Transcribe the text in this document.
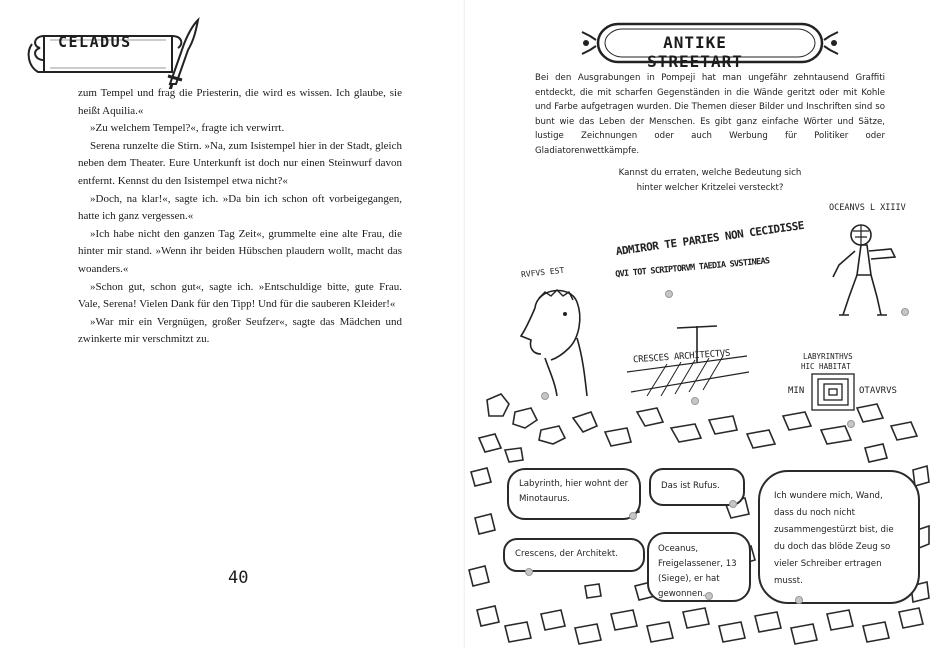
CELADUS

zum Tempel und frag die Priesterin, die wird es wissen. Ich glaube, sie heißt Aquilia.«

»Zu welchem Tempel?«, fragte ich verwirrt.

Serena runzelte die Stirn. »Na, zum Isistempel hier in der Stadt, gleich neben dem Theater. Eure Unterkunft ist doch nur einen Steinwurf davon entfernt. Kennst du den Isistempel etwa nicht?«

»Doch, na klar!«, sagte ich. »Da bin ich schon oft vorbeigegangen, hatte ich ganz vergessen.«

»Ich habe nicht den ganzen Tag Zeit«, grummelte eine alte Frau, die hinter mir stand. »Wenn ihr beiden Hübschen plaudern wollt, macht das woanders.«

»Schon gut, schon gut«, sagte ich. »Entschuldige bitte, gute Frau. Vale, Serena! Vielen Dank für den Tipp! Und für die sauberen Kleider!«

»War mir ein Vergnügen, großer Seufzer«, sagte das Mädchen und zwinkerte mir verschmitzt zu.

40
ANTIKE STREETART
Bei den Ausgrabungen in Pompeji hat man ungefähr zehntausend Graffiti entdeckt, die mit scharfen Gegenständen in die Wände geritzt oder mit Kohle und Farbe aufgetragen wurden. Die Themen dieser Bilder und Inschriften sind so bunt wie das Leben der Menschen. Es gibt ganz einfache Wörter und Sätze, lustige Zeichnungen oder auch Werbung für Politiker oder Gladiatorenwettkämpfe.
Kannst du erraten, welche Bedeutung sich hinter welcher Kritzelei versteckt?
ADMIROR TE PARIES NON CECIDISSE
QVI TOT SCRIPTORVM TAEDIA SVSTINEAS
OCEANVS L XIIIV
RVFVS EST
CRESCES ARCHITECTVS	LABYRINTHVS
HIC HABITAT
MIN	OTAVRVS
Labyrinth, hier wohnt der Minotaurus.
Das ist Rufus.
Ich wundere mich, Wand, dass du noch nicht zusammengestürzt bist, die du doch das blöde Zeug so vieler Schreiber ertragen musst.
Crescens, der Architekt.	Oceanus, Freigelassener, 13 (Siege), er hat gewonnen.
